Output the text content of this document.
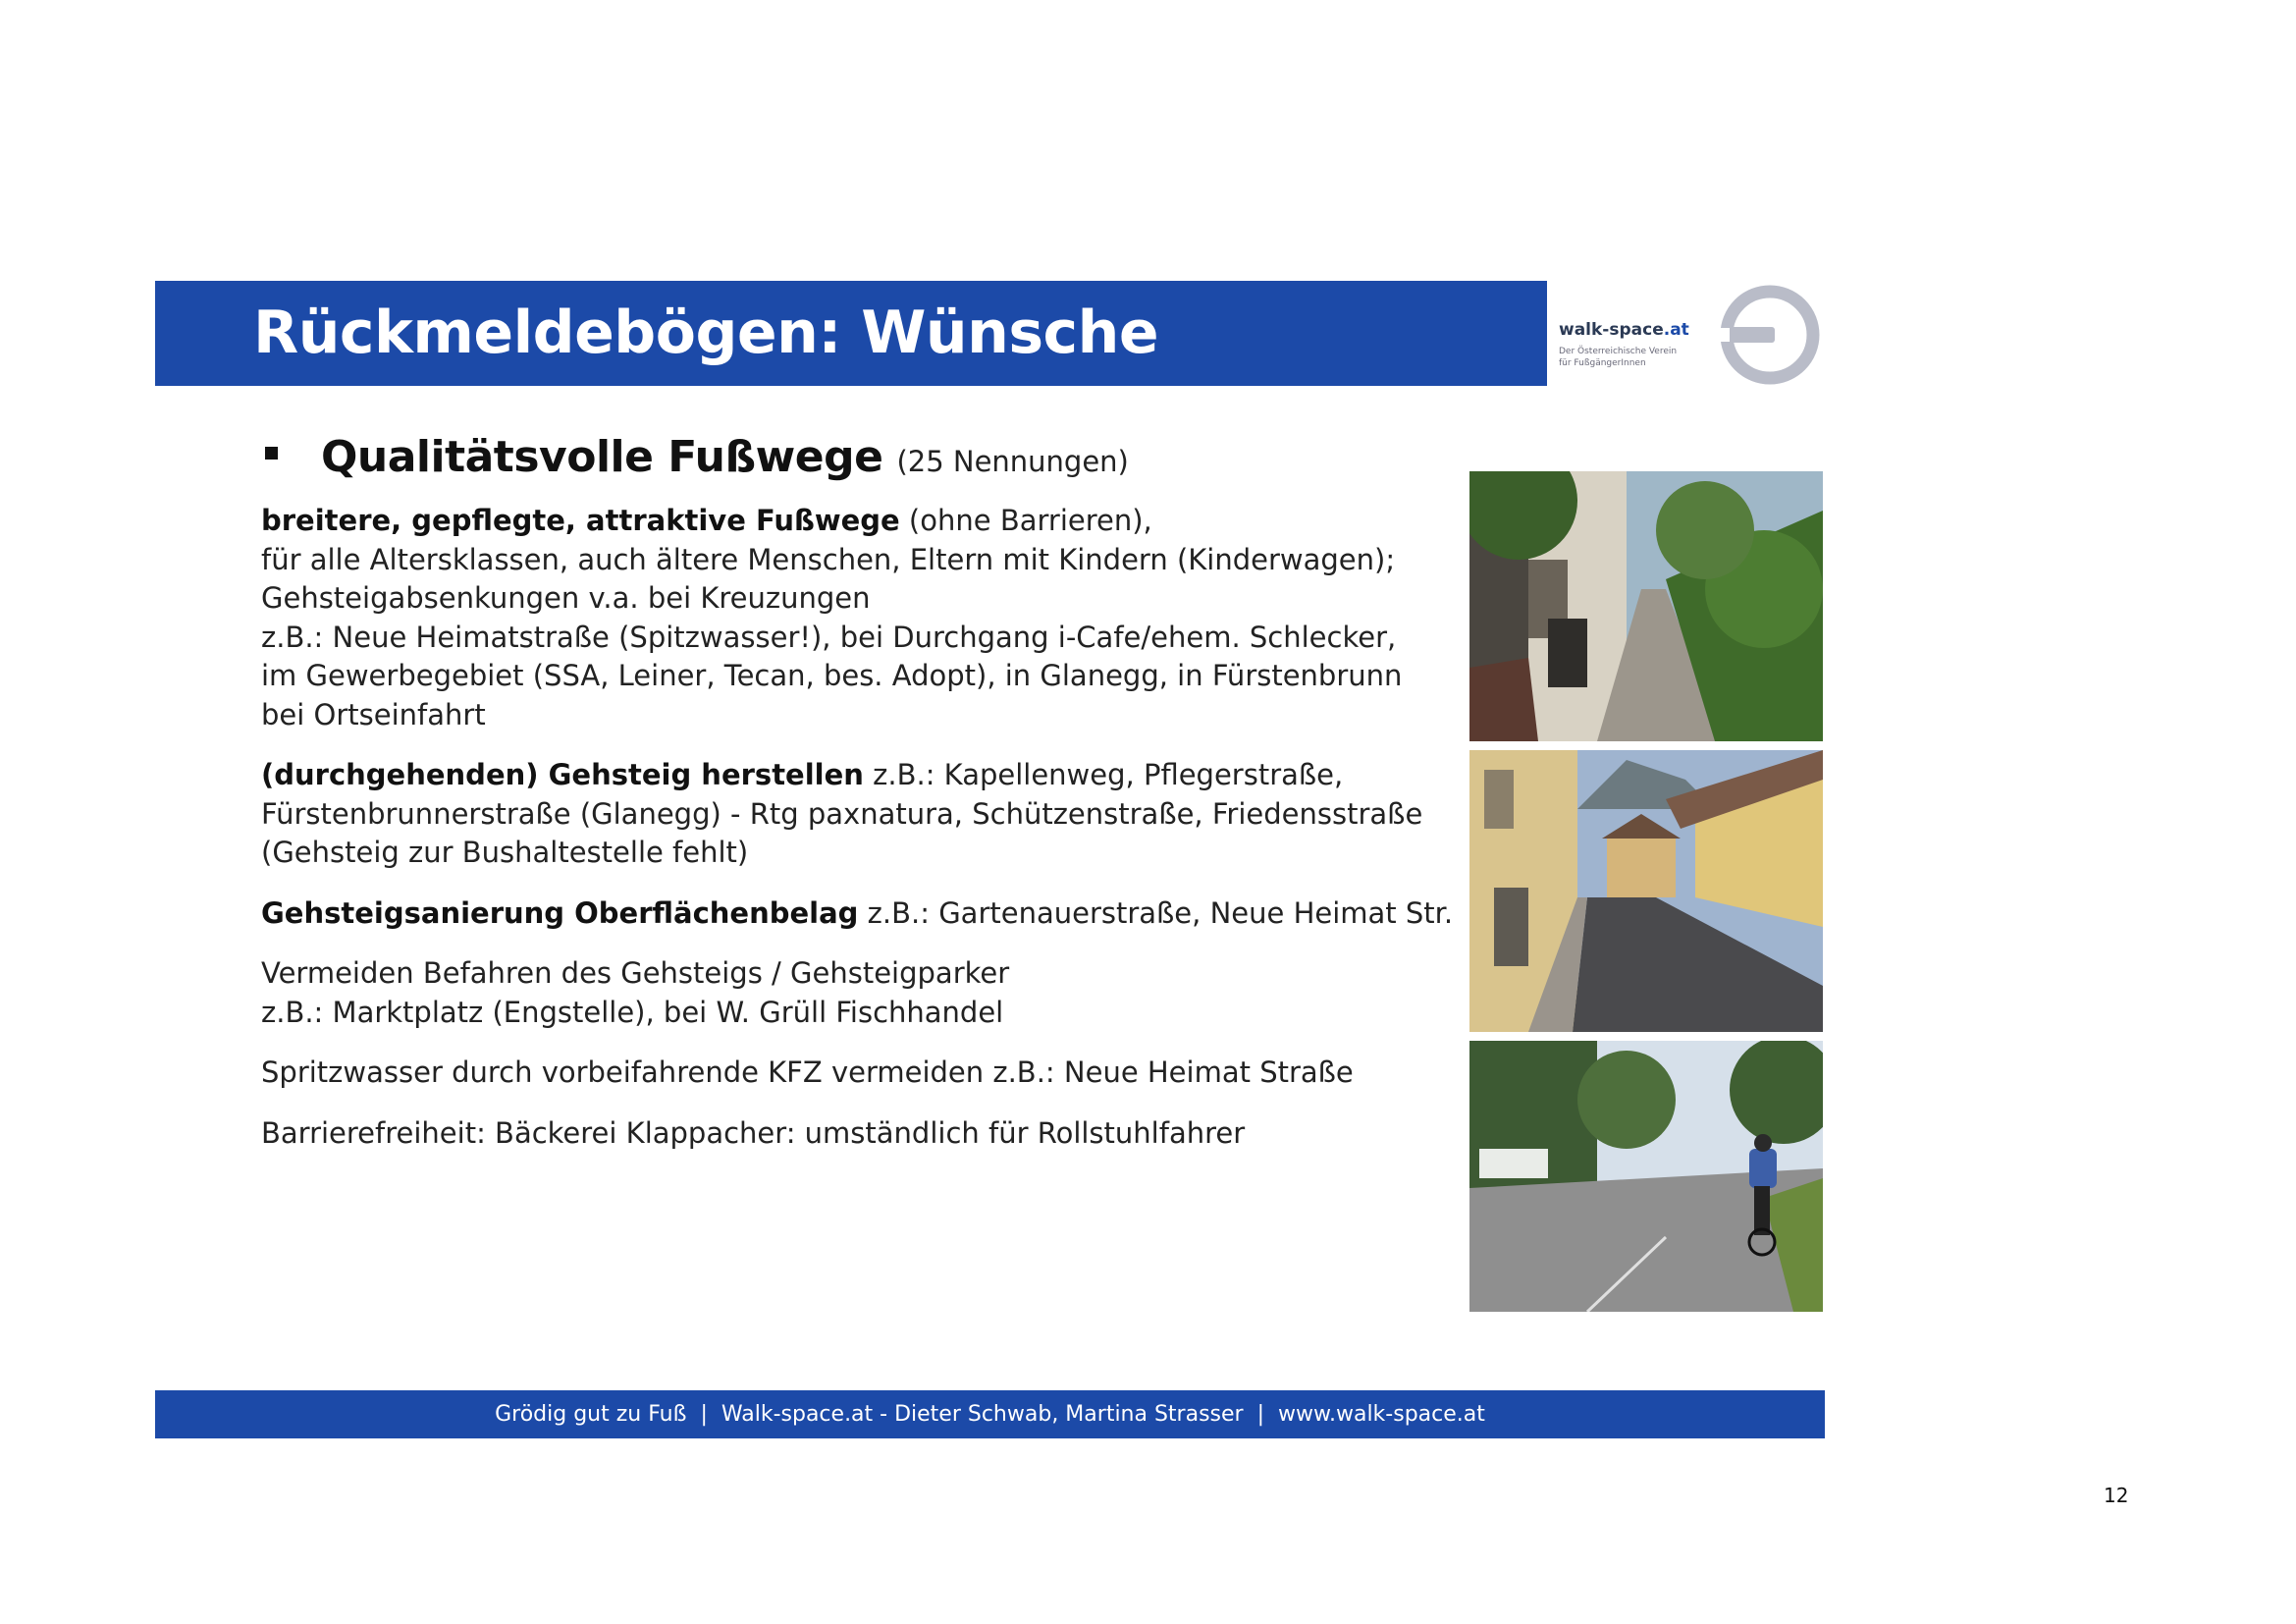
Rückmeldebögen: Wünsche	walk-space.at
Der Österreichische Verein
für FußgängerInnen
Qualitätsvolle Fußwege (25 Nennungen)
breitere, gepflegte, attraktive Fußwege (ohne Barrieren),
für alle Altersklassen, auch ältere Menschen, Eltern mit Kindern (Kinderwagen);
Gehsteigabsenkungen v.a. bei Kreuzungen
z.B.: Neue Heimatstraße (Spitzwasser!), bei Durchgang i-Cafe/ehem. Schlecker,
im Gewerbegebiet (SSA, Leiner, Tecan, bes. Adopt), in Glanegg, in Fürstenbrunn
bei Ortseinfahrt
(durchgehenden) Gehsteig herstellen z.B.: Kapellenweg, Pflegerstraße,
Fürstenbrunnerstraße (Glanegg) - Rtg paxnatura, Schützenstraße, Friedensstraße
(Gehsteig zur Bushaltestelle fehlt)
Gehsteigsanierung Oberflächenbelag z.B.: Gartenauerstraße, Neue Heimat Str.
Vermeiden Befahren des Gehsteigs / Gehsteigparker
z.B.: Marktplatz (Engstelle), bei W. Grüll Fischhandel
Spritzwasser durch vorbeifahrende KFZ vermeiden z.B.: Neue Heimat Straße
Barrierefreiheit: Bäckerei Klappacher: umständlich für Rollstuhlfahrer
Grödig gut zu Fuß | Walk-space.at - Dieter Schwab, Martina Strasser | www.walk-space.at
12
